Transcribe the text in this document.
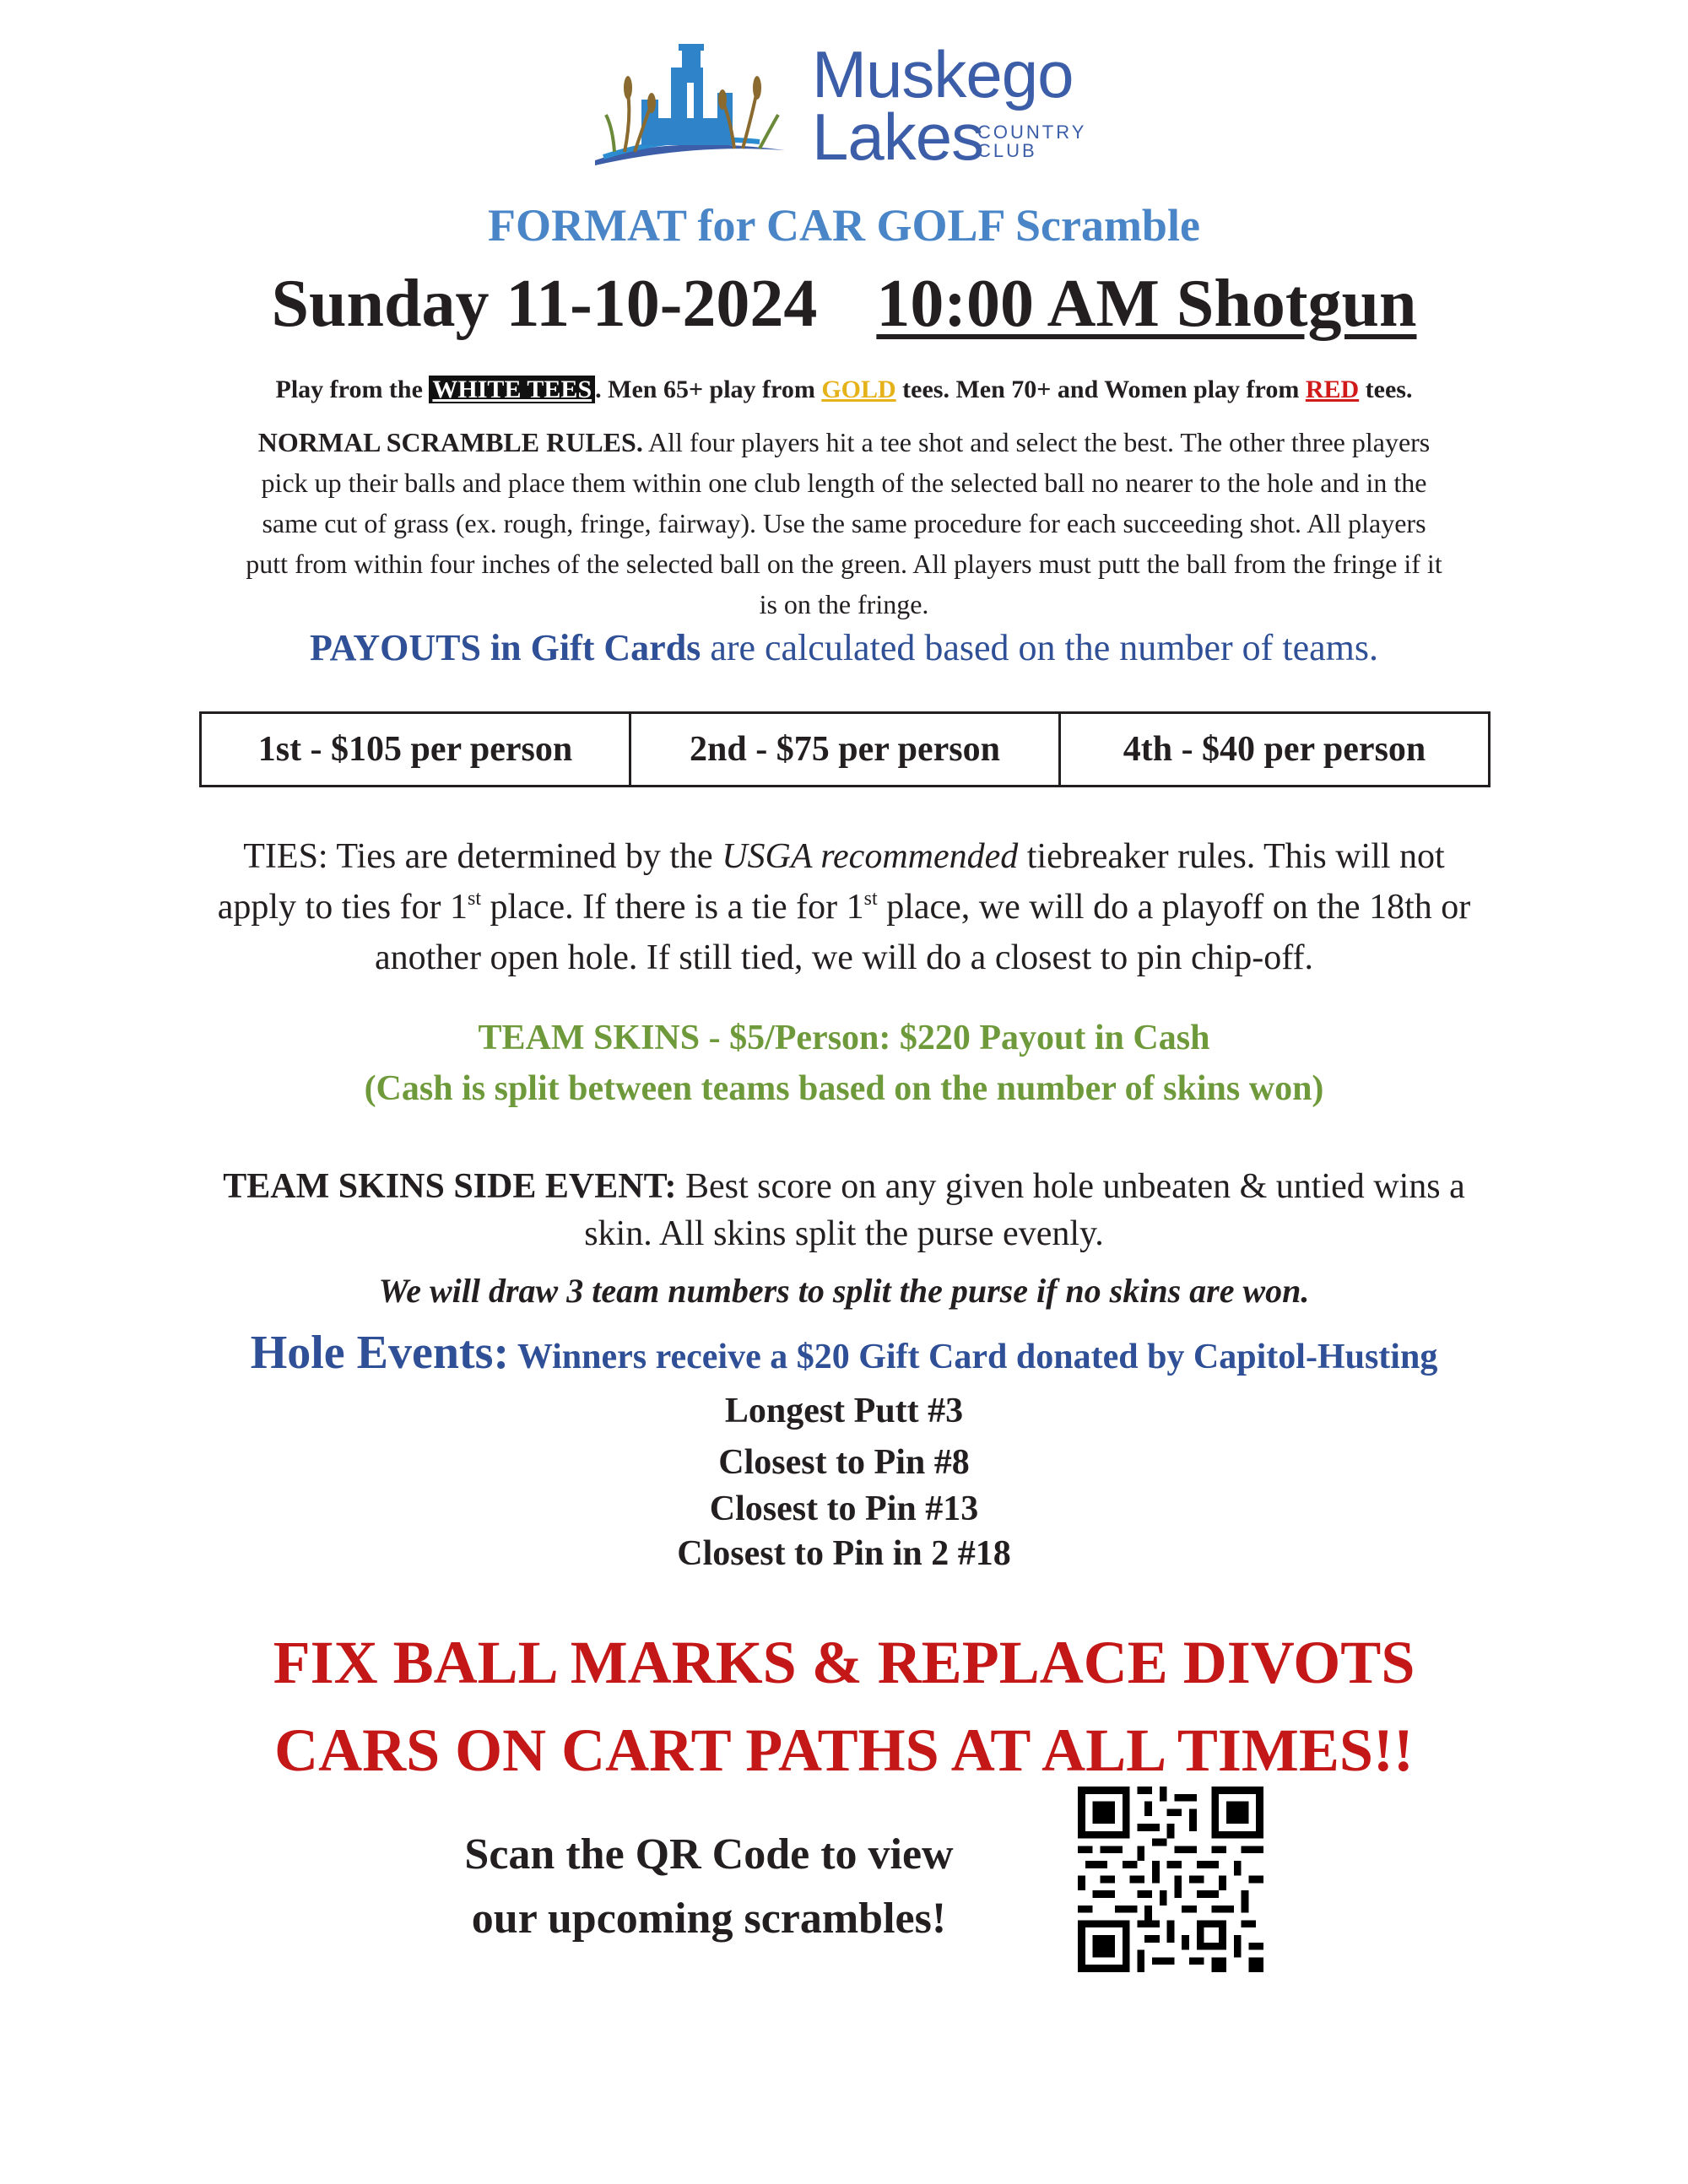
Muskego
Lakes
COUNTRY
CLUB
FORMAT for CAR GOLF Scramble
Sunday 11-10-2024 10:00 AM Shotgun
Play from the WHITE TEES . Men 65+ play from GOLD tees. Men 70+ and Women play from RED tees.
NORMAL SCRAMBLE RULES. All four players hit a tee shot and select the best. The other three players pick up their balls and place them within one club length of the selected ball no nearer to the hole and in the same cut of grass (ex. rough, fringe, fairway). Use the same procedure for each succeeding shot. All players putt from within four inches of the selected ball on the green. All players must putt the ball from the fringe if it is on the fringe.
PAYOUTS in Gift Cards are calculated based on the number of teams.
1st - $105 per person	2nd - $75 per person	4th - $40 per person
TIES: Ties are determined by the USGA recommended tiebreaker rules. This will not apply to ties for 1st place. If there is a tie for 1st place, we will do a playoff on the 18th or another open hole. If still tied, we will do a closest to pin chip-off.
TEAM SKINS - $5/Person: $220 Payout in Cash
(Cash is split between teams based on the number of skins won)
TEAM SKINS SIDE EVENT: Best score on any given hole unbeaten & untied wins a skin. All skins split the purse evenly.
We will draw 3 team numbers to split the purse if no skins are won.
Hole Events: Winners receive a $20 Gift Card donated by Capitol-Husting
Longest Putt #3
Closest to Pin #8
Closest to Pin #13
Closest to Pin in 2 #18
FIX BALL MARKS & REPLACE DIVOTS
CARS ON CART PATHS AT ALL TIMES!!
Scan the QR Code to view
our upcoming scrambles!
